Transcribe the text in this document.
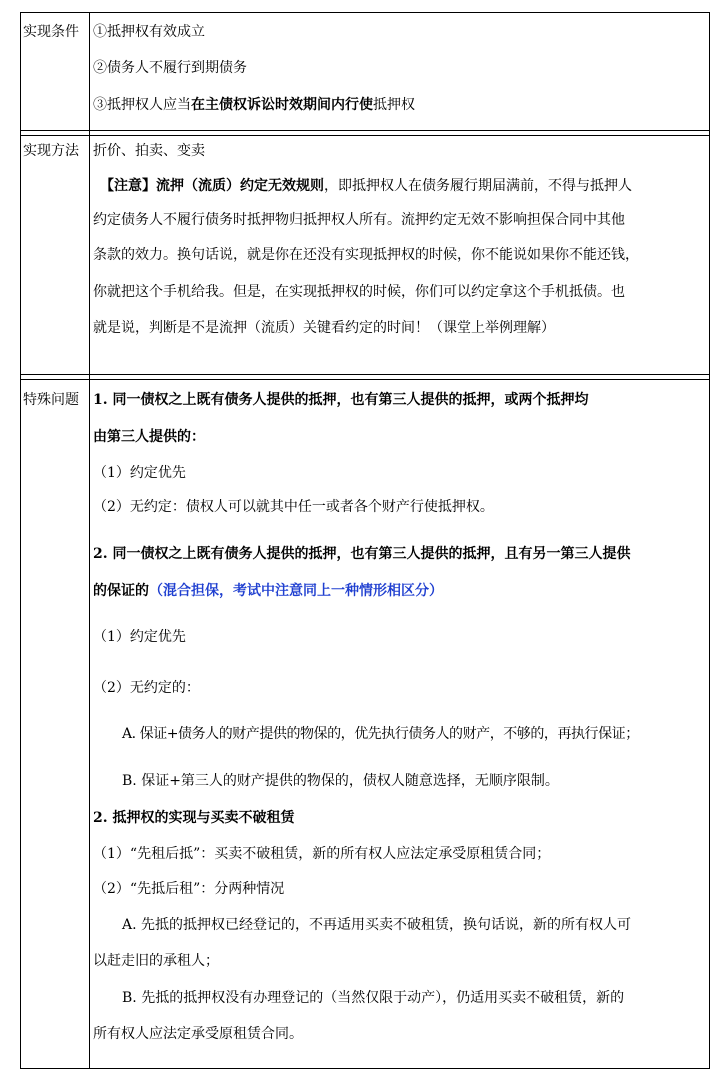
实现条件 ①抵押权有效成立
②债务人不履行到期债务
③抵押权人应当在主债权诉讼时效期间内行使抵押权
实现方法 折价、拍卖、变卖
【注意】流押（流质）约定无效规则，即抵押权人在债务履行期届满前，不得与抵押人
约定债务人不履行债务时抵押物归抵押权人所有。流押约定无效不影响担保合同中其他
条款的效力。换句话说，就是你在还没有实现抵押权的时候，你不能说如果你不能还钱，
你就把这个手机给我。但是，在实现抵押权的时候，你们可以约定拿这个手机抵债。也
就是说，判断是不是流押（流质）关键看约定的时间！（课堂上举例理解）
特殊问题 1. 同一债权之上既有债务人提供的抵押，也有第三人提供的抵押，或两个抵押均
由第三人提供的：
（1）约定优先
（2）无约定：债权人可以就其中任一或者各个财产行使抵押权。
2. 同一债权之上既有债务人提供的抵押，也有第三人提供的抵押，且有另一第三人提供
的保证的（混合担保，考试中注意同上一种情形相区分）
（1）约定优先
（2）无约定的：
A. 保证+债务人的财产提供的物保的，优先执行债务人的财产，不够的，再执行保证；
B. 保证+第三人的财产提供的物保的，债权人随意选择，无顺序限制。
2. 抵押权的实现与买卖不破租赁
（1）“先租后抵”：买卖不破租赁，新的所有权人应法定承受原租赁合同；
（2）“先抵后租”：分两种情况
A. 先抵的抵押权已经登记的，不再适用买卖不破租赁，换句话说，新的所有权人可
以赶走旧的承租人；
B. 先抵的抵押权没有办理登记的（当然仅限于动产），仍适用买卖不破租赁，新的
所有权人应法定承受原租赁合同。
